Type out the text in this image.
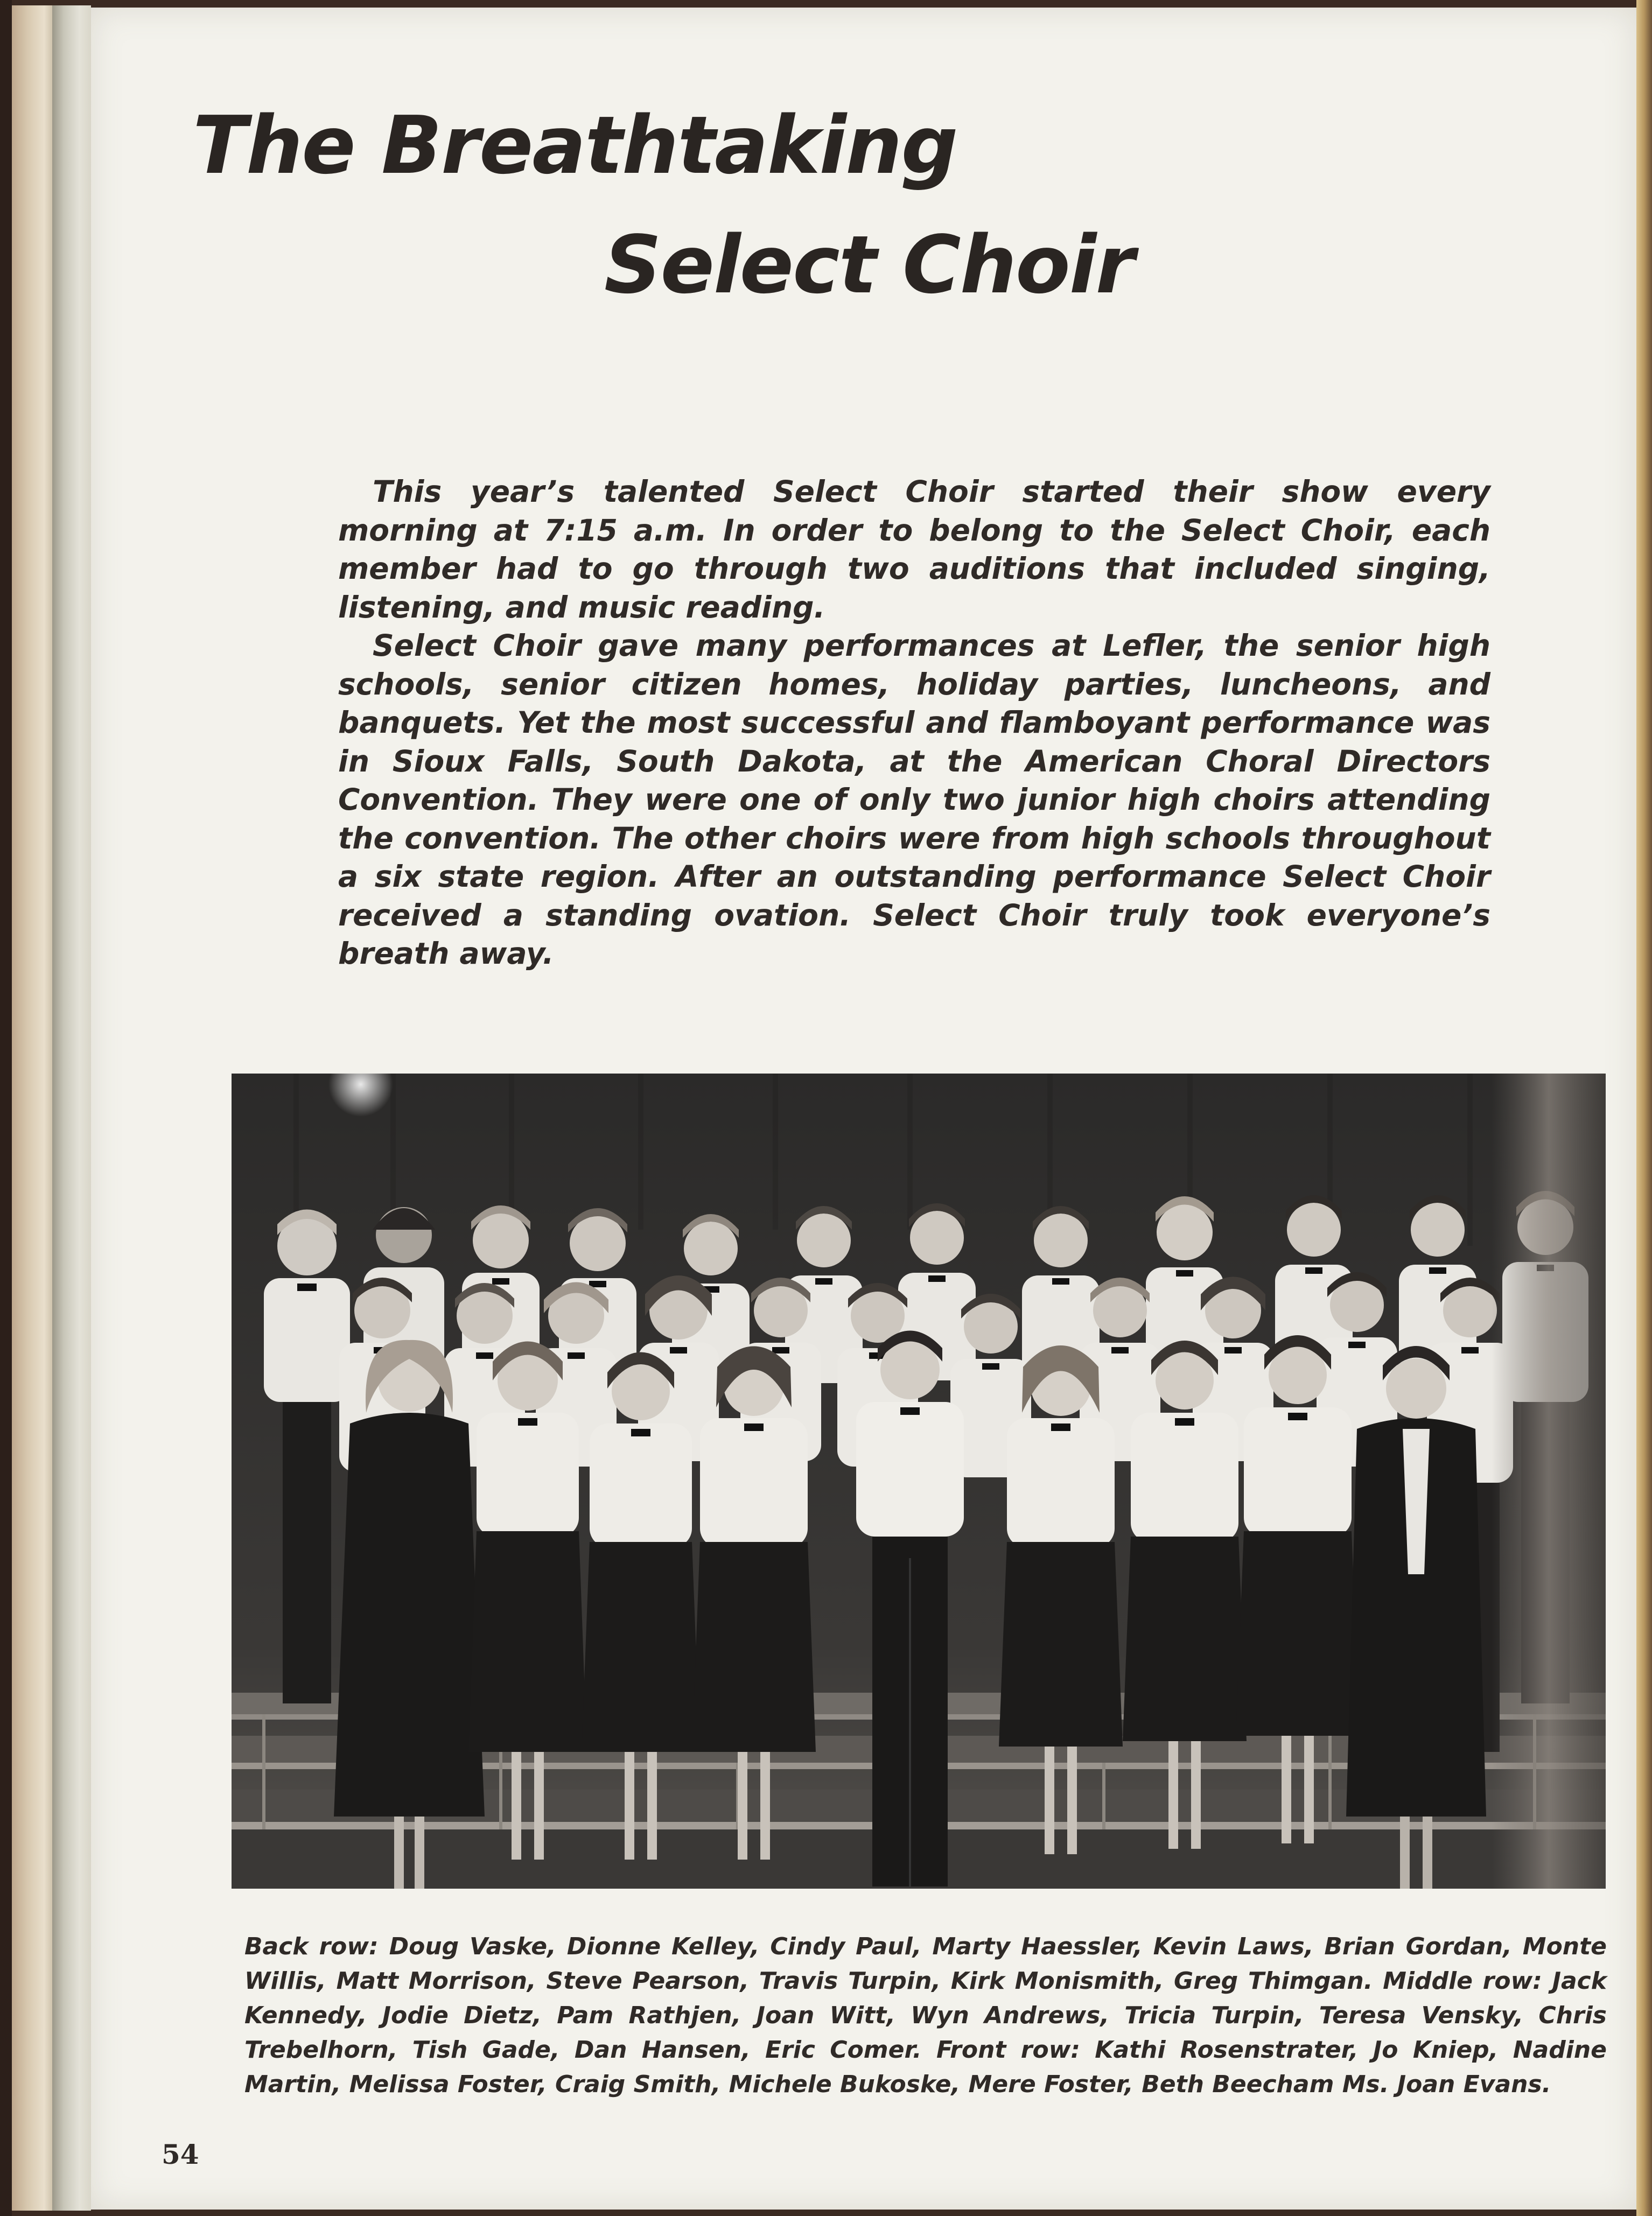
The Breathtaking
Select Choir

This year’s talented Select Choir started their show every morning at 7:15 a.m. In order to belong to the Select Choir, each member had to go through two auditions that included singing, listening, and music reading.

Select Choir gave many performances at Lefler, the senior high schools, senior citizen homes, holiday parties, luncheons, and banquets. Yet the most successful and flamboyant performance was in Sioux Falls, South Dakota, at the American Choral Directors Convention. They were one of only two junior high choirs attending the convention. The other choirs were from high schools throughout a six state region. After an outstanding performance Select Choir received a standing ovation. Select Choir truly took everyone’s breath away.

Back row: Doug Vaske, Dionne Kelley, Cindy Paul, Marty Haessler, Kevin Laws, Brian Gordan, Monte Willis, Matt Morrison, Steve Pearson, Travis Turpin, Kirk Monismith, Greg Thimgan. Middle row: Jack Kennedy, Jodie Dietz, Pam Rathjen, Joan Witt, Wyn Andrews, Tricia Turpin, Teresa Vensky, Chris Trebelhorn, Tish Gade, Dan Hansen, Eric Comer. Front row: Kathi Rosenstrater, Jo Kniep, Nadine Martin, Melissa Foster, Craig Smith, Michele Bukoske, Mere Foster, Beth Beecham Ms. Joan Evans.

54
